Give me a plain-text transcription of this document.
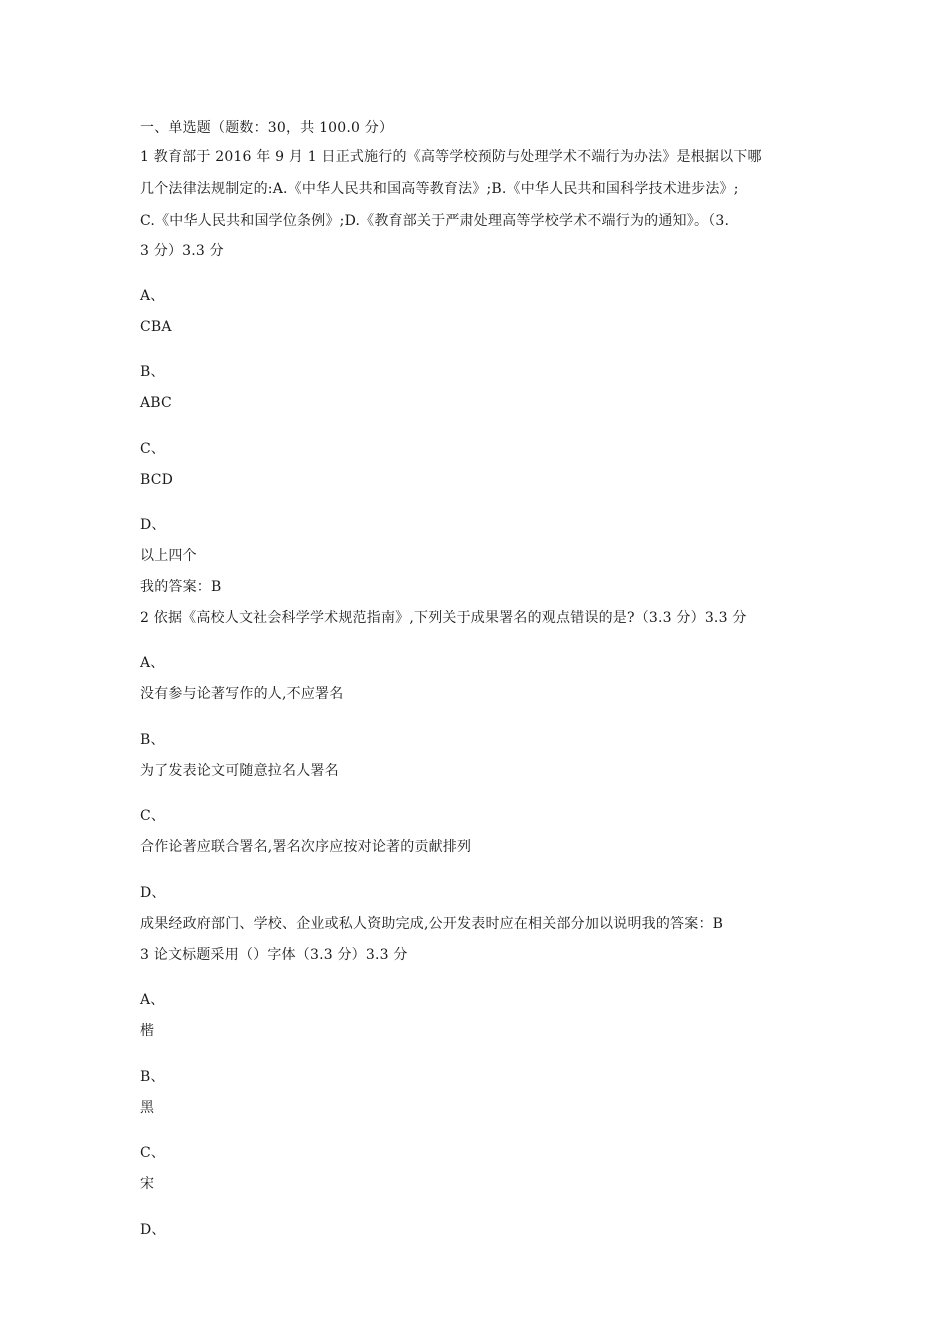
一、单选题（题数：30，共 100.0 分）
1 教育部于 2016 年 9 月 1 日正式施行的《高等学校预防与处理学术不端行为办法》是根据以下哪
几个法律法规制定的:A.《中华人民共和国高等教育法》;B.《中华人民共和国科学技术进步法》;
C.《中华人民共和国学位条例》;D.《教育部关于严肃处理高等学校学术不端行为的通知》。（3.
3 分）3.3 分
A、
CBA
B、
ABC
C、
BCD
D、
以上四个
我的答案：B
2 依据《高校人文社会科学学术规范指南》,下列关于成果署名的观点错误的是?（3.3 分）3.3 分
A、
没有参与论著写作的人,不应署名
B、
为了发表论文可随意拉名人署名
C、
合作论著应联合署名,署名次序应按对论著的贡献排列
D、
成果经政府部门、学校、企业或私人资助完成,公开发表时应在相关部分加以说明我的答案：B
3 论文标题采用（）字体（3.3 分）3.3 分
A、
楷
B、
黑
C、
宋
D、
